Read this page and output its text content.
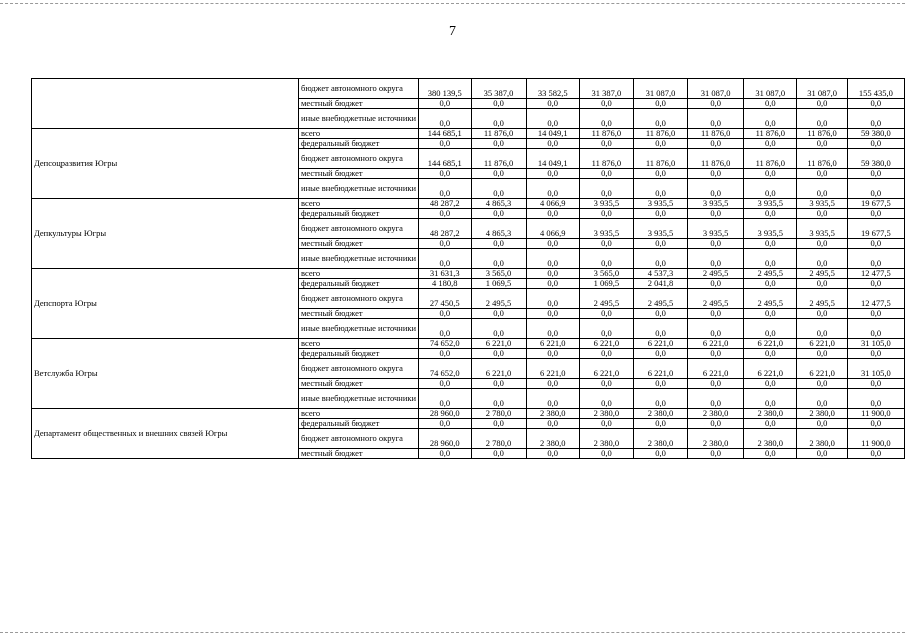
7
	бюджет автономного округа	380 139,5	35 387,0	33 582,5	31 387,0	31 087,0	31 087,0	31 087,0	31 087,0	155 435,0
	местный бюджет	0,0	0,0	0,0	0,0	0,0	0,0	0,0	0,0	0,0
	иные внебюджетные источники	0,0	0,0	0,0	0,0	0,0	0,0	0,0	0,0	0,0
Депсоцразвития Югры	всего	144 685,1	11 876,0	14 049,1	11 876,0	11 876,0	11 876,0	11 876,0	11 876,0	59 380,0
	федеральный бюджет	0,0	0,0	0,0	0,0	0,0	0,0	0,0	0,0	0,0
	бюджет автономного округа	144 685,1	11 876,0	14 049,1	11 876,0	11 876,0	11 876,0	11 876,0	11 876,0	59 380,0
	местный бюджет	0,0	0,0	0,0	0,0	0,0	0,0	0,0	0,0	0,0
	иные внебюджетные источники	0,0	0,0	0,0	0,0	0,0	0,0	0,0	0,0	0,0
Депкультуры Югры	всего	48 287,2	4 865,3	4 066,9	3 935,5	3 935,5	3 935,5	3 935,5	3 935,5	19 677,5
	федеральный бюджет	0,0	0,0	0,0	0,0	0,0	0,0	0,0	0,0	0,0
	бюджет автономного округа	48 287,2	4 865,3	4 066,9	3 935,5	3 935,5	3 935,5	3 935,5	3 935,5	19 677,5
	местный бюджет	0,0	0,0	0,0	0,0	0,0	0,0	0,0	0,0	0,0
	иные внебюджетные источники	0,0	0,0	0,0	0,0	0,0	0,0	0,0	0,0	0,0
Депспорта Югры	всего	31 631,3	3 565,0	0,0	3 565,0	4 537,3	2 495,5	2 495,5	2 495,5	12 477,5
	федеральный бюджет	4 180,8	1 069,5	0,0	1 069,5	2 041,8	0,0	0,0	0,0	0,0
	бюджет автономного округа	27 450,5	2 495,5	0,0	2 495,5	2 495,5	2 495,5	2 495,5	2 495,5	12 477,5
	местный бюджет	0,0	0,0	0,0	0,0	0,0	0,0	0,0	0,0	0,0
	иные внебюджетные источники	0,0	0,0	0,0	0,0	0,0	0,0	0,0	0,0	0,0
Ветслужба Югры	всего	74 652,0	6 221,0	6 221,0	6 221,0	6 221,0	6 221,0	6 221,0	6 221,0	31 105,0
	федеральный бюджет	0,0	0,0	0,0	0,0	0,0	0,0	0,0	0,0	0,0
	бюджет автономного округа	74 652,0	6 221,0	6 221,0	6 221,0	6 221,0	6 221,0	6 221,0	6 221,0	31 105,0
	местный бюджет	0,0	0,0	0,0	0,0	0,0	0,0	0,0	0,0	0,0
	иные внебюджетные источники	0,0	0,0	0,0	0,0	0,0	0,0	0,0	0,0	0,0
Департамент общественных и внешних связей Югры	всего	28 960,0	2 780,0	2 380,0	2 380,0	2 380,0	2 380,0	2 380,0	2 380,0	11 900,0
	федеральный бюджет	0,0	0,0	0,0	0,0	0,0	0,0	0,0	0,0	0,0
	бюджет автономного округа	28 960,0	2 780,0	2 380,0	2 380,0	2 380,0	2 380,0	2 380,0	2 380,0	11 900,0
	местный бюджет	0,0	0,0	0,0	0,0	0,0	0,0	0,0	0,0	0,0
